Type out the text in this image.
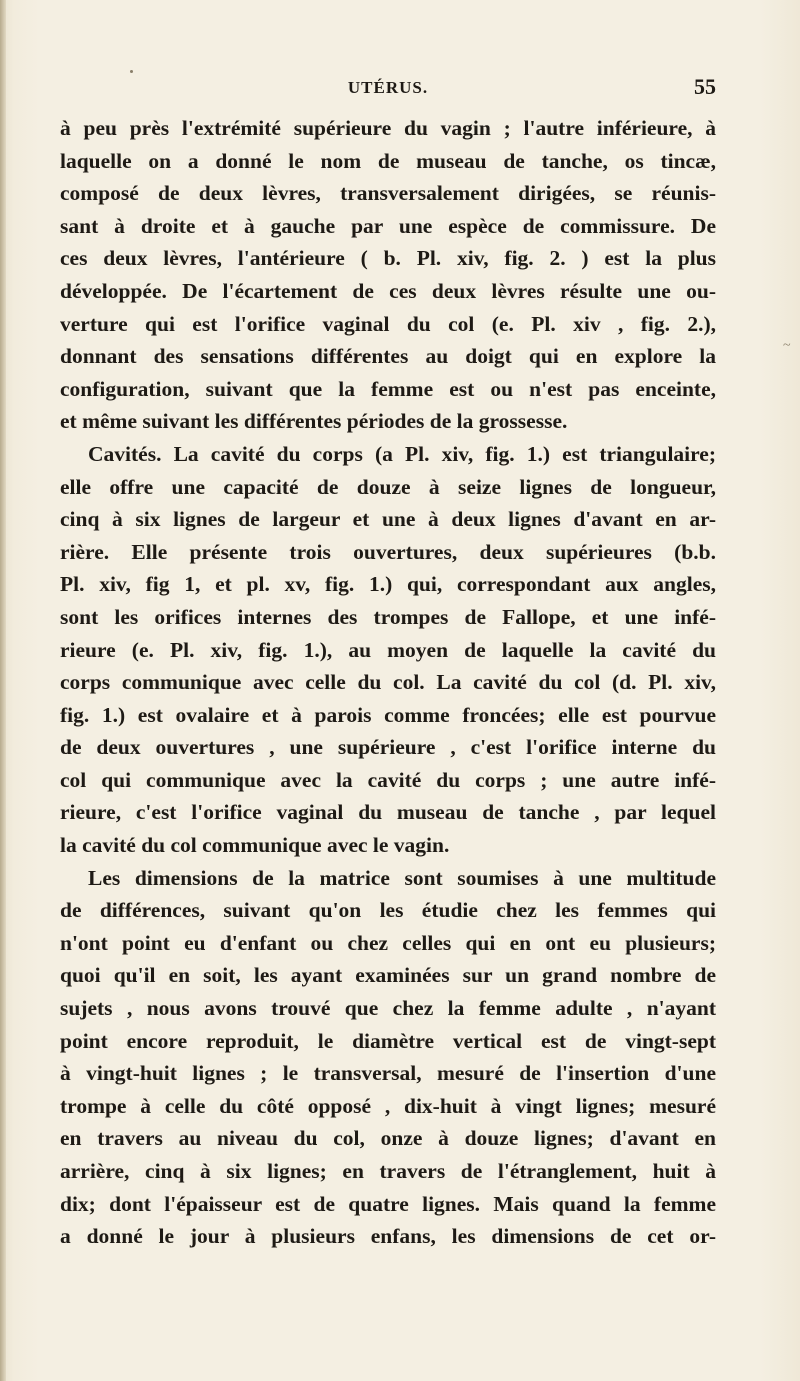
UTÉRUS.	55
à peu près l'extrémité supérieure du vagin ; l'autre inférieure, à
laquelle on a donné le nom de museau de tanche, os tincæ,
composé de deux lèvres, transversalement dirigées, se réunis-
sant à droite et à gauche par une espèce de commissure. De
ces deux lèvres, l'antérieure ( b. Pl. xiv, fig. 2. ) est la plus
développée. De l'écartement de ces deux lèvres résulte une ou-
verture qui est l'orifice vaginal du col (e. Pl. xiv , fig. 2.),
donnant des sensations différentes au doigt qui en explore la
configuration, suivant que la femme est ou n'est pas enceinte,
et même suivant les différentes périodes de la grossesse.
Cavités. La cavité du corps (a Pl. xiv, fig. 1.) est triangulaire;
elle offre une capacité de douze à seize lignes de longueur,
cinq à six lignes de largeur et une à deux lignes d'avant en ar-
rière. Elle présente trois ouvertures, deux supérieures (b.b.
Pl. xiv, fig 1, et pl. xv, fig. 1.) qui, correspondant aux angles,
sont les orifices internes des trompes de Fallope, et une infé-
rieure (e. Pl. xiv, fig. 1.), au moyen de laquelle la cavité du
corps communique avec celle du col. La cavité du col (d. Pl. xiv,
fig. 1.) est ovalaire et à parois comme froncées; elle est pourvue
de deux ouvertures , une supérieure , c'est l'orifice interne du
col qui communique avec la cavité du corps ; une autre infé-
rieure, c'est l'orifice vaginal du museau de tanche , par lequel
la cavité du col communique avec le vagin.
Les dimensions de la matrice sont soumises à une multitude
de différences, suivant qu'on les étudie chez les femmes qui
n'ont point eu d'enfant ou chez celles qui en ont eu plusieurs;
quoi qu'il en soit, les ayant examinées sur un grand nombre de
sujets , nous avons trouvé que chez la femme adulte , n'ayant
point encore reproduit, le diamètre vertical est de vingt-sept
à vingt-huit lignes ; le transversal, mesuré de l'insertion d'une
trompe à celle du côté opposé , dix-huit à vingt lignes; mesuré
en travers au niveau du col, onze à douze lignes; d'avant en
arrière, cinq à six lignes; en travers de l'étranglement, huit à
dix; dont l'épaisseur est de quatre lignes. Mais quand la femme
a donné le jour à plusieurs enfans, les dimensions de cet or-
~
